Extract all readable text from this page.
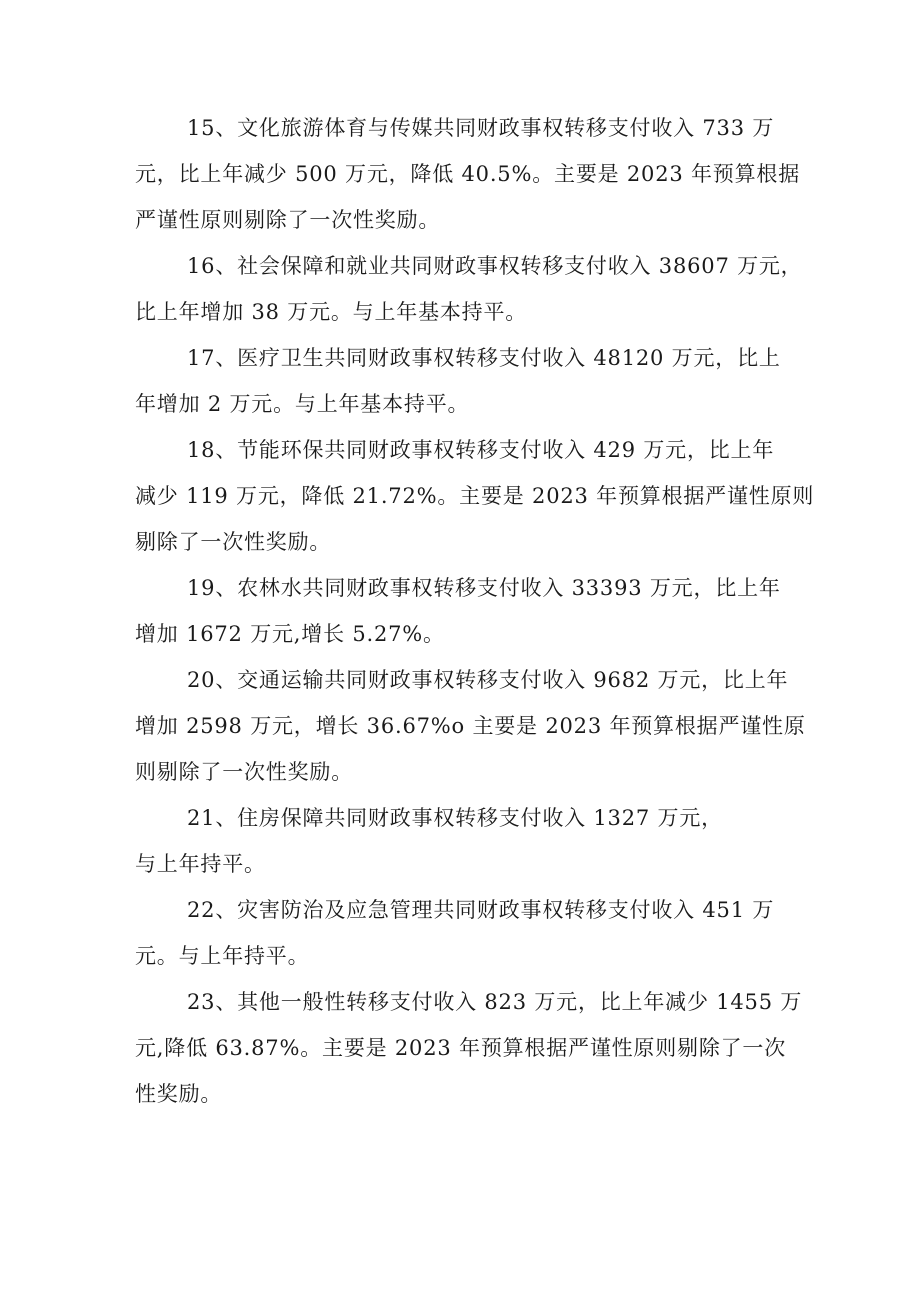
15、文化旅游体育与传媒共同财政事权转移支付收入 733 万
元，比上年减少 500 万元，降低 40.5%。主要是 2023 年预算根据
严谨性原则剔除了一次性奖励。
16、社会保障和就业共同财政事权转移支付收入 38607 万元，
比上年增加 38 万元。与上年基本持平。
17、医疗卫生共同财政事权转移支付收入 48120 万元，比上
年增加 2 万元。与上年基本持平。
18、节能环保共同财政事权转移支付收入 429 万元，比上年
减少 119 万元，降低 21.72%。主要是 2023 年预算根据严谨性原则
剔除了一次性奖励。
19、农林水共同财政事权转移支付收入 33393 万元，比上年
增加 1672 万元,增长 5.27%。
20、交通运输共同财政事权转移支付收入 9682 万元，比上年
增加 2598 万元，增长 36.67%o 主要是 2023 年预算根据严谨性原
则剔除了一次性奖励。
21、住房保障共同财政事权转移支付收入 1327 万元，
与上年持平。
22、灾害防治及应急管理共同财政事权转移支付收入 451 万
元。与上年持平。
23、其他一般性转移支付收入 823 万元，比上年减少 1455 万
元,降低 63.87%。主要是 2023 年预算根据严谨性原则剔除了一次
性奖励。
